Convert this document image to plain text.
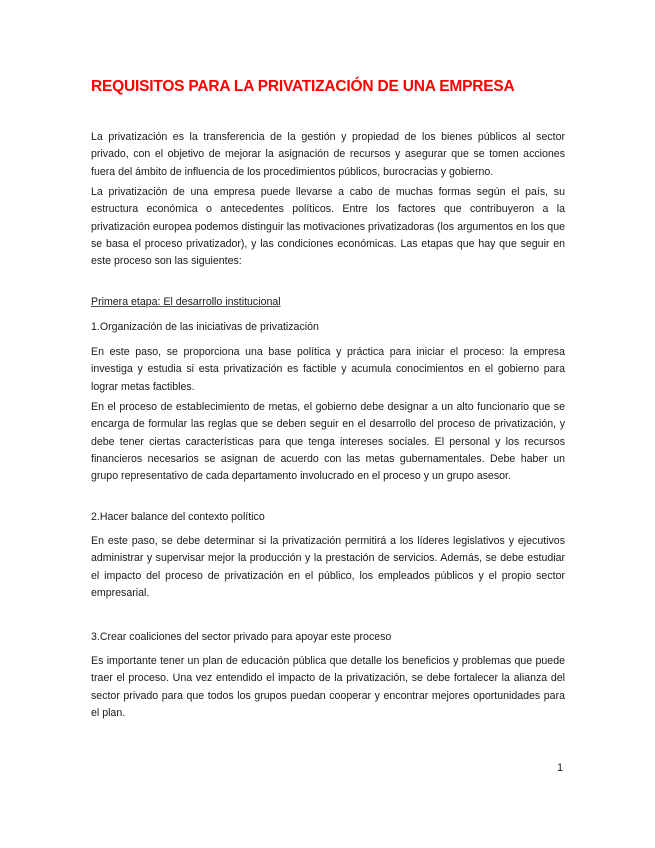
REQUISITOS PARA LA PRIVATIZACIÓN DE UNA EMPRESA

La privatización es la transferencia de la gestión y propiedad de los bienes públicos al sector privado, con el objetivo de mejorar la asignación de recursos y asegurar que se tomen acciones fuera del ámbito de influencia de los procedimientos públicos, burocracias y gobierno.

La privatización de una empresa puede llevarse a cabo de muchas formas según el país, su estructura económica o antecedentes políticos. Entre los factores que contribuyeron a la privatización europea podemos distinguir las motivaciones privatizadoras (los argumentos en los que se basa el proceso privatizador), y las condiciones económicas. Las etapas que hay que seguir en este proceso son las siguientes:

Primera etapa: El desarrollo institucional
1.Organización de las iniciativas de privatización

En este paso, se proporciona una base política y práctica para iniciar el proceso: la empresa investiga y estudia si esta privatización es factible y acumula conocimientos en el gobierno para lograr metas factibles.

En el proceso de establecimiento de metas, el gobierno debe designar a un alto funcionario que se encarga de formular las reglas que se deben seguir en el desarrollo del proceso de privatización, y debe tener ciertas características para que tenga intereses sociales. El personal y los recursos financieros necesarios se asignan de acuerdo con las metas gubernamentales. Debe haber un grupo representativo de cada departamento involucrado en el proceso y un grupo asesor.

2.Hacer balance del contexto político

En este paso, se debe determinar si la privatización permitirá a los líderes legislativos y ejecutivos administrar y supervisar mejor la producción y la prestación de servicios. Además, se debe estudiar el impacto del proceso de privatización en el público, los empleados públicos y el propio sector empresarial.

3.Crear coaliciones del sector privado para apoyar este proceso

Es importante tener un plan de educación pública que detalle los beneficios y problemas que puede traer el proceso. Una vez entendido el impacto de la privatización, se debe fortalecer la alianza del sector privado para que todos los grupos puedan cooperar y encontrar mejores oportunidades para el plan.

1
